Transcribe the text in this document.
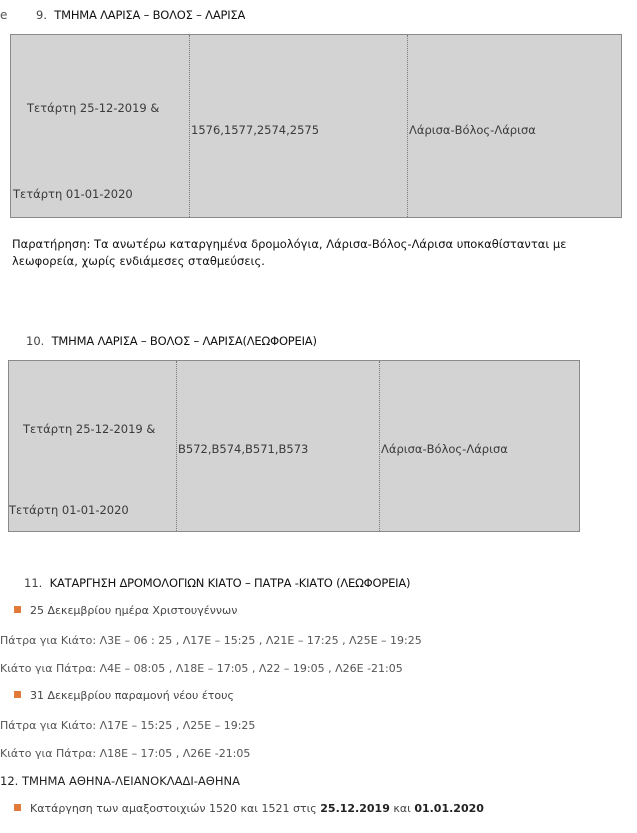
e 9. ΤΜΗΜΑ ΛΑΡΙΣΑ – ΒΟΛΟΣ – ΛΑΡΙΣΑ
Τετάρτη 25-12-2019 &
Τετάρτη 01-01-2020
1576,1577,2574,2575	Λάρισα-Βόλος-Λάρισα
Παρατήρηση: Τα ανωτέρω καταργημένα δρομολόγια, Λάρισα-Βόλος-Λάρισα υποκαθίστανται με λεωφορεία, χωρίς ενδιάμεσες σταθμεύσεις.
10. ΤΜΗΜΑ ΛΑΡΙΣΑ – ΒΟΛΟΣ – ΛΑΡΙΣΑ(ΛΕΩΦΟΡΕΙΑ)
Τετάρτη 25-12-2019 &
Τετάρτη 01-01-2020
Β572,Β574,Β571,Β573	Λάρισα-Βόλος-Λάρισα
11. ΚΑΤΑΡΓΗΣΗ ΔΡΟΜΟΛΟΓΙΩΝ ΚΙΑΤΟ – ΠΑΤΡΑ -ΚΙΑΤΟ (ΛΕΩΦΟΡΕΙΑ)
25 Δεκεμβρίου ημέρα Χριστουγέννων
Πάτρα για Κιάτο: Λ3Ε – 06 : 25 , Λ17Ε – 15:25 , Λ21Ε – 17:25 , Λ25Ε – 19:25
Κιάτο για Πάτρα: Λ4Ε – 08:05 , Λ18Ε – 17:05 , Λ22 – 19:05 , Λ26Ε -21:05
31 Δεκεμβρίου παραμονή νέου έτους
Πάτρα για Κιάτο: Λ17Ε – 15:25 , Λ25Ε – 19:25
Κιάτο για Πάτρα: Λ18Ε – 17:05 , Λ26Ε -21:05
12. ΤΜΗΜΑ ΑΘΗΝΑ-ΛΕΙΑΝΟΚΛΑΔΙ-ΑΘΗΝΑ
Κατάργηση των αμαξοστοιχιών 1520 και 1521 στις 25.12.2019 και 01.01.2020
